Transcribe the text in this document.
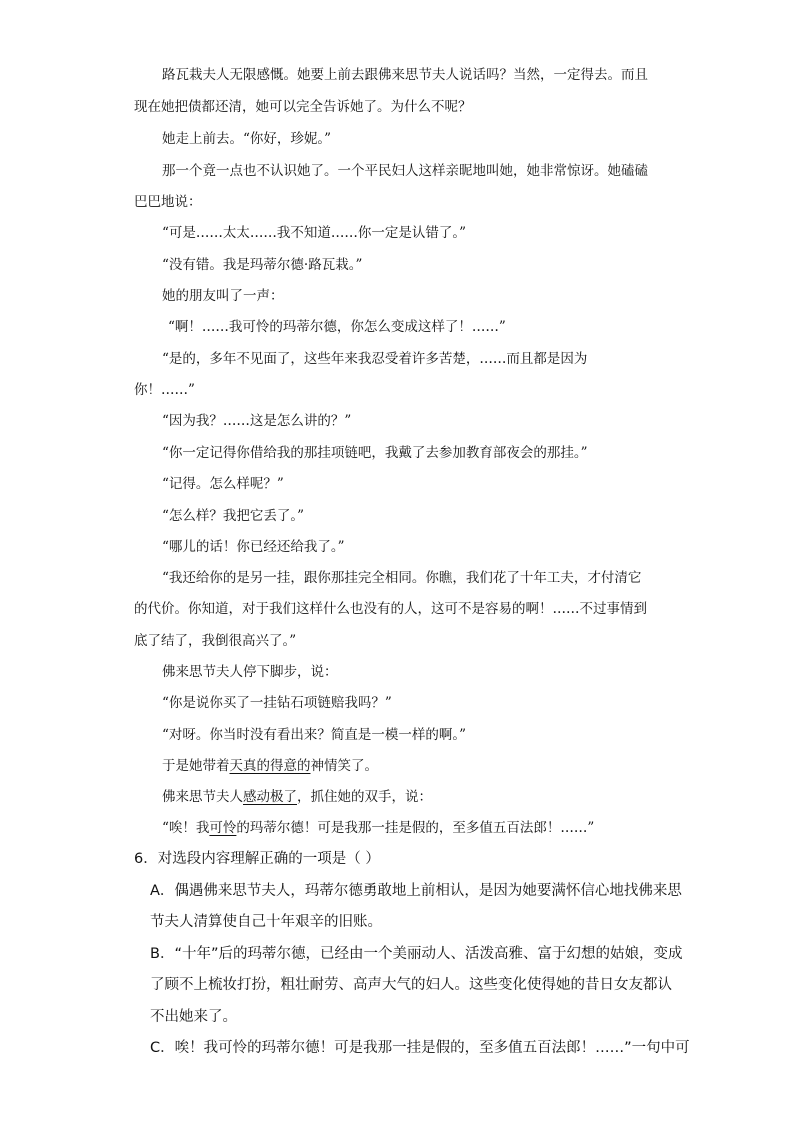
路瓦栽夫人无限感慨。她要上前去跟佛来思节夫人说话吗？当然，一定得去。而且
现在她把债都还清，她可以完全告诉她了。为什么不呢？
她走上前去。“你好，珍妮。”
那一个竟一点也不认识她了。一个平民妇人这样亲昵地叫她，她非常惊讶。她磕磕
巴巴地说：
“可是……太太……我不知道……你一定是认错了。”
“没有错。我是玛蒂尔德·路瓦栽。”
她的朋友叫了一声：
“啊！……我可怜的玛蒂尔德，你怎么变成这样了！……”
“是的，多年不见面了，这些年来我忍受着许多苦楚，……而且都是因为
你！……”
“因为我？……这是怎么讲的？”
“你一定记得你借给我的那挂项链吧，我戴了去参加教育部夜会的那挂。”
“记得。怎么样呢？”
“怎么样？我把它丢了。”
“哪儿的话！你已经还给我了。”
“我还给你的是另一挂，跟你那挂完全相同。你瞧，我们花了十年工夫，才付清它
的代价。你知道，对于我们这样什么也没有的人，这可不是容易的啊！……不过事情到
底了结了，我倒很高兴了。”
佛来思节夫人停下脚步，说：
“你是说你买了一挂钻石项链赔我吗？”
“对呀。你当时没有看出来？简直是一模一样的啊。”
于是她带着天真的得意的神情笑了。
佛来思节夫人感动极了，抓住她的双手，说：
“唉！我可怜的玛蒂尔德！可是我那一挂是假的，至多值五百法郎！……”
6．对选段内容理解正确的一项是（ ）
A．偶遇佛来思节夫人，玛蒂尔德勇敢地上前相认，是因为她要满怀信心地找佛来思
节夫人清算使自己十年艰辛的旧账。
B．“十年”后的玛蒂尔德，已经由一个美丽动人、活泼高雅、富于幻想的姑娘，变成
了顾不上梳妆打扮，粗壮耐劳、高声大气的妇人。这些变化使得她的昔日女友都认
不出她来了。
C．唉！我可怜的玛蒂尔德！可是我那一挂是假的，至多值五百法郎！……”一句中可
